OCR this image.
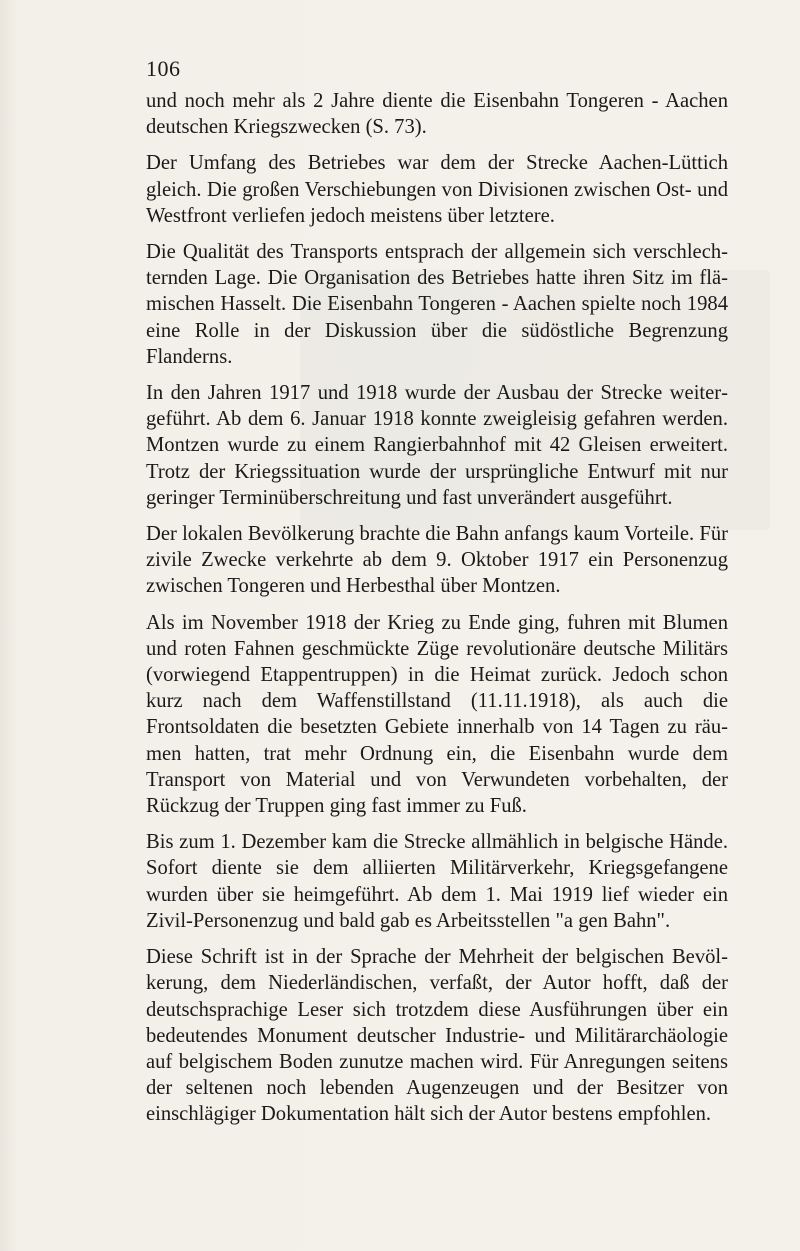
106

und noch mehr als 2 Jahre diente die Eisenbahn Tongeren - Aachen deutschen Kriegszwecken (S. 73).

Der Umfang des Betriebes war dem der Strecke Aachen-Lüttich gleich. Die großen Verschiebungen von Divisionen zwischen Ost- und Westfront verliefen jedoch meistens über letztere.

Die Qualität des Transports entsprach der allgemein sich verschlechternden Lage. Die Organisation des Betriebes hatte ihren Sitz im flämischen Hasselt. Die Eisenbahn Tongeren - Aachen spielte noch 1984 eine Rolle in der Diskussion über die südöstliche Begrenzung Flanderns.

In den Jahren 1917 und 1918 wurde der Ausbau der Strecke weitergeführt. Ab dem 6. Januar 1918 konnte zweigleisig gefahren werden. Montzen wurde zu einem Rangierbahnhof mit 42 Gleisen erweitert. Trotz der Kriegssituation wurde der ursprüngliche Entwurf mit nur geringer Terminüberschreitung und fast unverändert ausgeführt.

Der lokalen Bevölkerung brachte die Bahn anfangs kaum Vorteile. Für zivile Zwecke verkehrte ab dem 9. Oktober 1917 ein Personenzug zwischen Tongeren und Herbesthal über Montzen.

Als im November 1918 der Krieg zu Ende ging, fuhren mit Blumen und roten Fahnen geschmückte Züge revolutionäre deutsche Militärs (vorwiegend Etappentruppen) in die Heimat zurück. Jedoch schon kurz nach dem Waffenstillstand (11.11.1918), als auch die Frontsoldaten die besetzten Gebiete innerhalb von 14 Tagen zu räumen hatten, trat mehr Ordnung ein, die Eisenbahn wurde dem Transport von Material und von Verwundeten vorbehalten, der Rückzug der Truppen ging fast immer zu Fuß.

Bis zum 1. Dezember kam die Strecke allmählich in belgische Hände. Sofort diente sie dem alliierten Militärverkehr, Kriegsgefangene wurden über sie heimgeführt. Ab dem 1. Mai 1919 lief wieder ein Zivil-Personenzug und bald gab es Arbeitsstellen "a gen Bahn".

Diese Schrift ist in der Sprache der Mehrheit der belgischen Bevölkerung, dem Niederländischen, verfaßt, der Autor hofft, daß der deutschsprachige Leser sich trotzdem diese Ausführungen über ein bedeutendes Monument deutscher Industrie- und Militärarchäologie auf belgischem Boden zunutze machen wird. Für Anregungen seitens der seltenen noch lebenden Augenzeugen und der Besitzer von einschlägiger Dokumentation hält sich der Autor bestens empfohlen.
